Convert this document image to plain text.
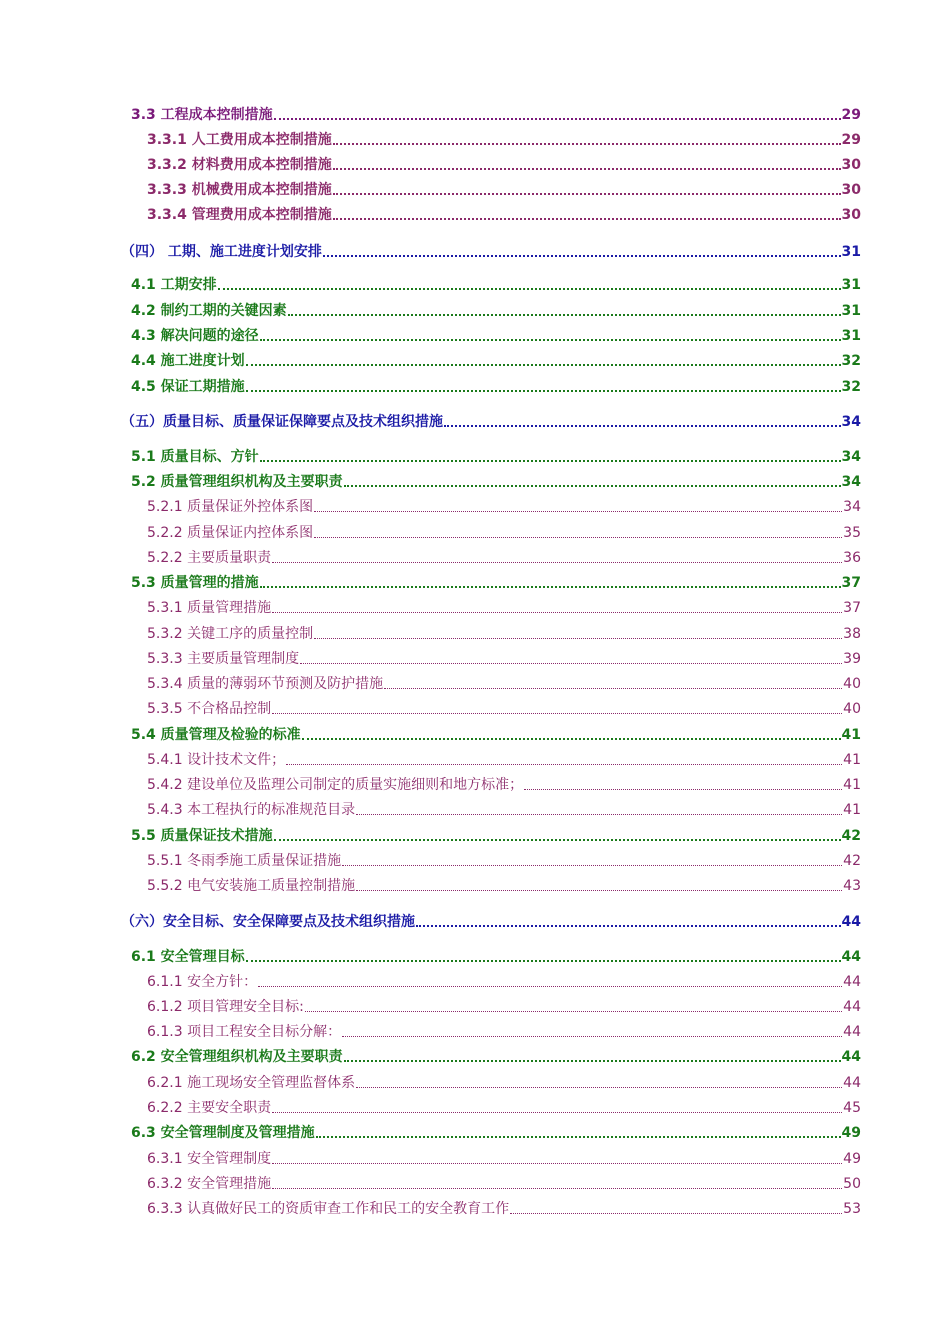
3.3 工程成本控制措施	29
3.3.1 人工费用成本控制措施	29
3.3.2 材料费用成本控制措施	30
3.3.3 机械费用成本控制措施	30
3.3.4 管理费用成本控制措施	30
（四） 工期、施工进度计划安排	31
4.1 工期安排	31
4.2 制约工期的关键因素	31
4.3 解决问题的途径	31
4.4 施工进度计划	32
4.5 保证工期措施	32
（五）质量目标、质量保证保障要点及技术组织措施	34
5.1 质量目标、方针	34
5.2 质量管理组织机构及主要职责	34
5.2.1 质量保证外控体系图	34
5.2.2 质量保证内控体系图	35
5.2.2 主要质量职责	36
5.3 质量管理的措施	37
5.3.1 质量管理措施	37
5.3.2 关键工序的质量控制	38
5.3.3 主要质量管理制度	39
5.3.4 质量的薄弱环节预测及防护措施	40
5.3.5 不合格品控制	40
5.4 质量管理及检验的标准	41
5.4.1 设计技术文件；	41
5.4.2 建设单位及监理公司制定的质量实施细则和地方标准；	41
5.4.3 本工程执行的标准规范目录	41
5.5 质量保证技术措施	42
5.5.1 冬雨季施工质量保证措施	42
5.5.2 电气安装施工质量控制措施	43
（六）安全目标、安全保障要点及技术组织措施	44
6.1 安全管理目标	44
6.1.1 安全方针：	44
6.1.2 项目管理安全目标:	44
6.1.3 项目工程安全目标分解：	44
6.2 安全管理组织机构及主要职责	44
6.2.1 施工现场安全管理监督体系	44
6.2.2 主要安全职责	45
6.3 安全管理制度及管理措施	49
6.3.1 安全管理制度	49
6.3.2 安全管理措施	50
6.3.3 认真做好民工的资质审查工作和民工的安全教育工作	53
